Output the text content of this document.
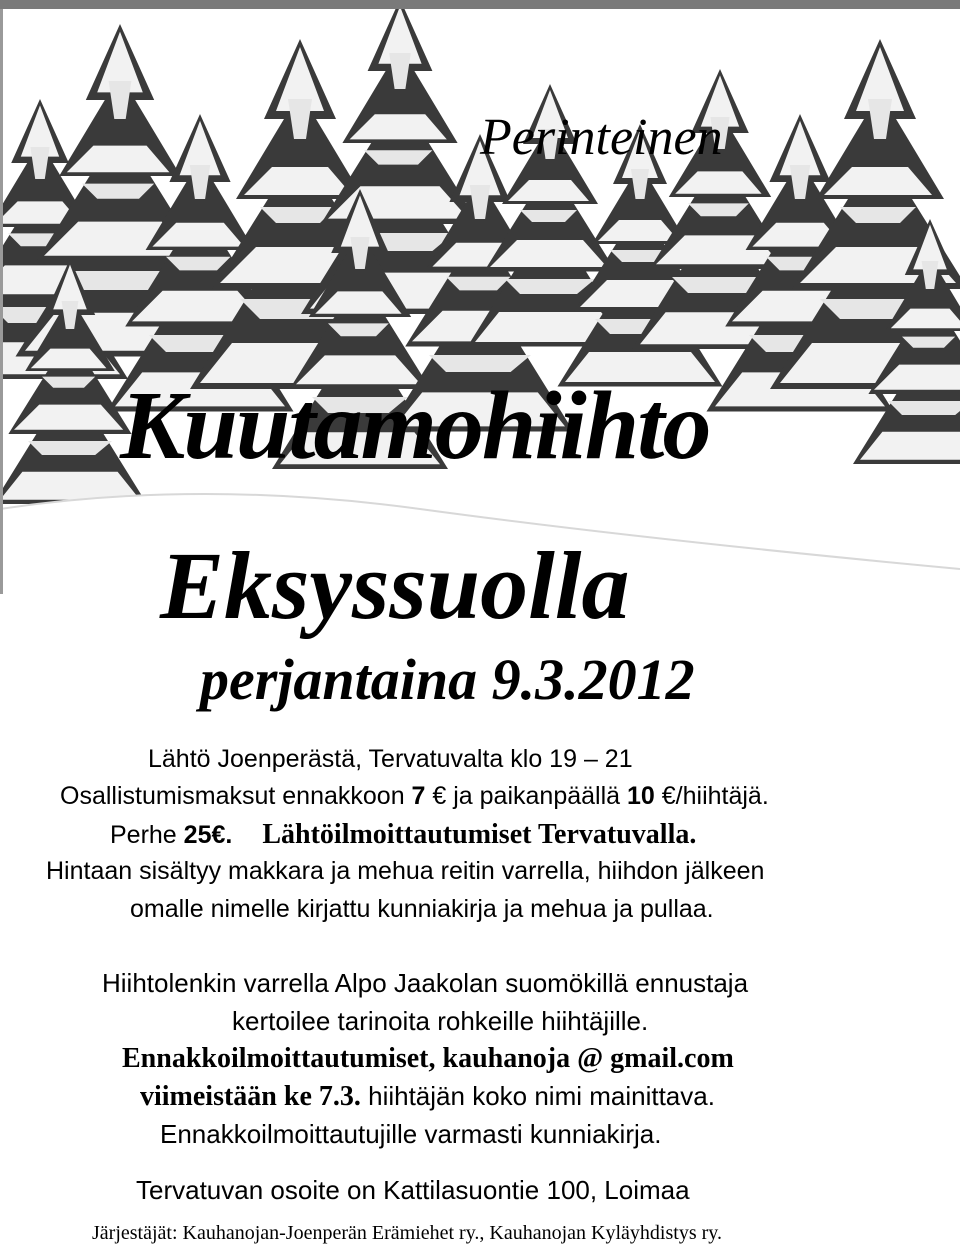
Perinteinen
Kuutamohiihto
Eksyssuolla
perjantaina 9.3.2012
Lähtö Joenperästä, Tervatuvalta klo 19 – 21
Osallistumismaksut ennakkoon 7 € ja paikanpäällä 10 €/hiihtäjä.
Perhe 25€. Lähtöilmoittautumiset Tervatuvalla.
Hintaan sisältyy makkara ja mehua reitin varrella, hiihdon jälkeen
omalle nimelle kirjattu kunniakirja ja mehua ja pullaa.
Hiihtolenkin varrella Alpo Jaakolan suomökillä ennustaja
kertoilee tarinoita rohkeille hiihtäjille.
Ennakkoilmoittautumiset, kauhanoja @ gmail.com
viimeistään ke 7.3. hiihtäjän koko nimi mainittava.
Ennakkoilmoittautujille varmasti kunniakirja.
Tervatuvan osoite on Kattilasuontie 100, Loimaa
Järjestäjät: Kauhanojan-Joenperän Erämiehet ry., Kauhanojan Kyläyhdistys ry.
